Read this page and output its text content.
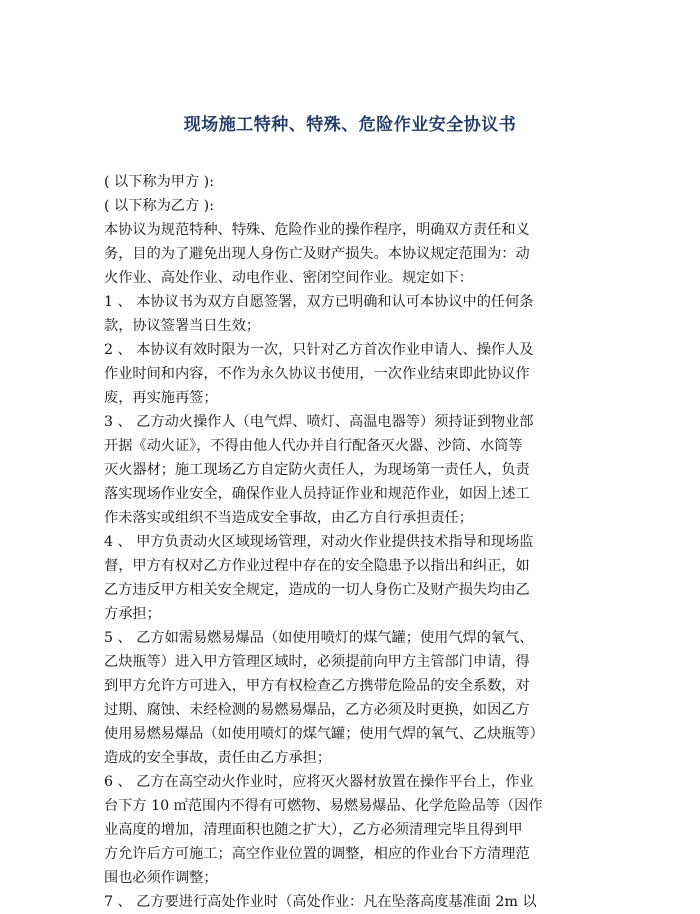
现场施工特种、特殊、危险作业安全协议书
( 以下称为甲方 ):
( 以下称为乙方 ):
本协议为规范特种、特殊、危险作业的操作程序，明确双方责任和义
务，目的为了避免出现人身伤亡及财产损失。本协议规定范围为：动
火作业、高处作业、动电作业、密闭空间作业。规定如下：
1 、 本协议书为双方自愿签署，双方已明确和认可本协议中的任何条
款，协议签署当日生效；
2 、 本协议有效时限为一次，只针对乙方首次作业申请人、操作人及
作业时间和内容，不作为永久协议书使用，一次作业结束即此协议作
废，再实施再签；
3 、 乙方动火操作人（电气焊、喷灯、高温电器等）须持证到物业部
开据《动火证》，不得由他人代办并自行配备灭火器、沙筒、水筒等
灭火器材；施工现场乙方自定防火责任人，为现场第一责任人，负责
落实现场作业安全，确保作业人员持证作业和规范作业，如因上述工
作未落实或组织不当造成安全事故，由乙方自行承担责任；
4 、 甲方负责动火区域现场管理，对动火作业提供技术指导和现场监
督，甲方有权对乙方作业过程中存在的安全隐患予以指出和纠正，如
乙方违反甲方相关安全规定，造成的一切人身伤亡及财产损失均由乙
方承担；
5 、 乙方如需易燃易爆品（如使用喷灯的煤气罐；使用气焊的氧气、
乙炔瓶等）进入甲方管理区域时，必须提前向甲方主管部门申请，得
到甲方允许方可进入，甲方有权检查乙方携带危险品的安全系数，对
过期、腐蚀、未经检测的易燃易爆品，乙方必须及时更换，如因乙方
使用易燃易爆品（如使用喷灯的煤气罐；使用气焊的氧气、乙炔瓶等）
造成的安全事故，责任由乙方承担；
6 、 乙方在高空动火作业时，应将灭火器材放置在操作平台上，作业
台下方 10 ㎡范围内不得有可燃物、易燃易爆品、化学危险品等（因作
业高度的增加，清理面积也随之扩大），乙方必须清理完毕且得到甲
方允许后方可施工；高空作业位置的调整，相应的作业台下方清理范
围也必须作调整；
7 、 乙方要进行高处作业时（高处作业：凡在坠落高度基准面 2m 以
